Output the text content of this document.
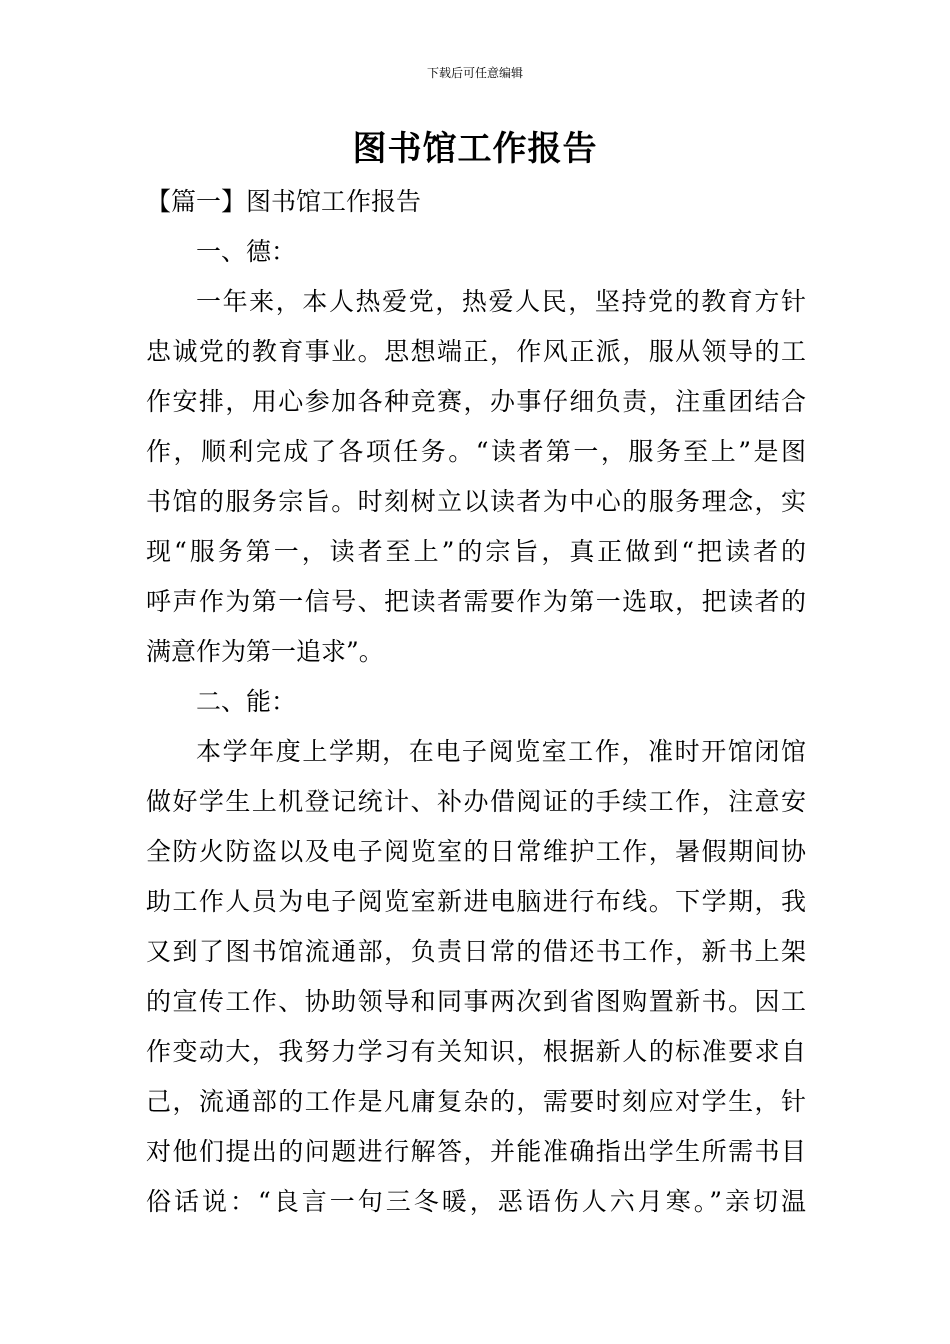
下载后可任意编辑
图书馆工作报告
【篇一】图书馆工作报告
一、德：
一年来，本人热爱党，热爱人民，坚持党的教育方针
忠诚党的教育事业。思想端正，作风正派，服从领导的工
作安排，用心参加各种竞赛，办事仔细负责，注重团结合
作，顺利完成了各项任务。“读者第一，服务至上”是图
书馆的服务宗旨。时刻树立以读者为中心的服务理念，实
现“服务第一，读者至上”的宗旨，真正做到“把读者的
呼声作为第一信号、把读者需要作为第一选取，把读者的
满意作为第一追求”。
二、能：
本学年度上学期，在电子阅览室工作，准时开馆闭馆
做好学生上机登记统计、补办借阅证的手续工作，注意安
全防火防盗以及电子阅览室的日常维护工作，暑假期间协
助工作人员为电子阅览室新进电脑进行布线。下学期，我
又到了图书馆流通部，负责日常的借还书工作，新书上架
的宣传工作、协助领导和同事两次到省图购置新书。因工
作变动大，我努力学习有关知识，根据新人的标准要求自
己，流通部的工作是凡庸复杂的，需要时刻应对学生，针
对他们提出的问题进行解答，并能准确指出学生所需书目
俗话说：“良言一句三冬暖，恶语伤人六月寒。”亲切温
